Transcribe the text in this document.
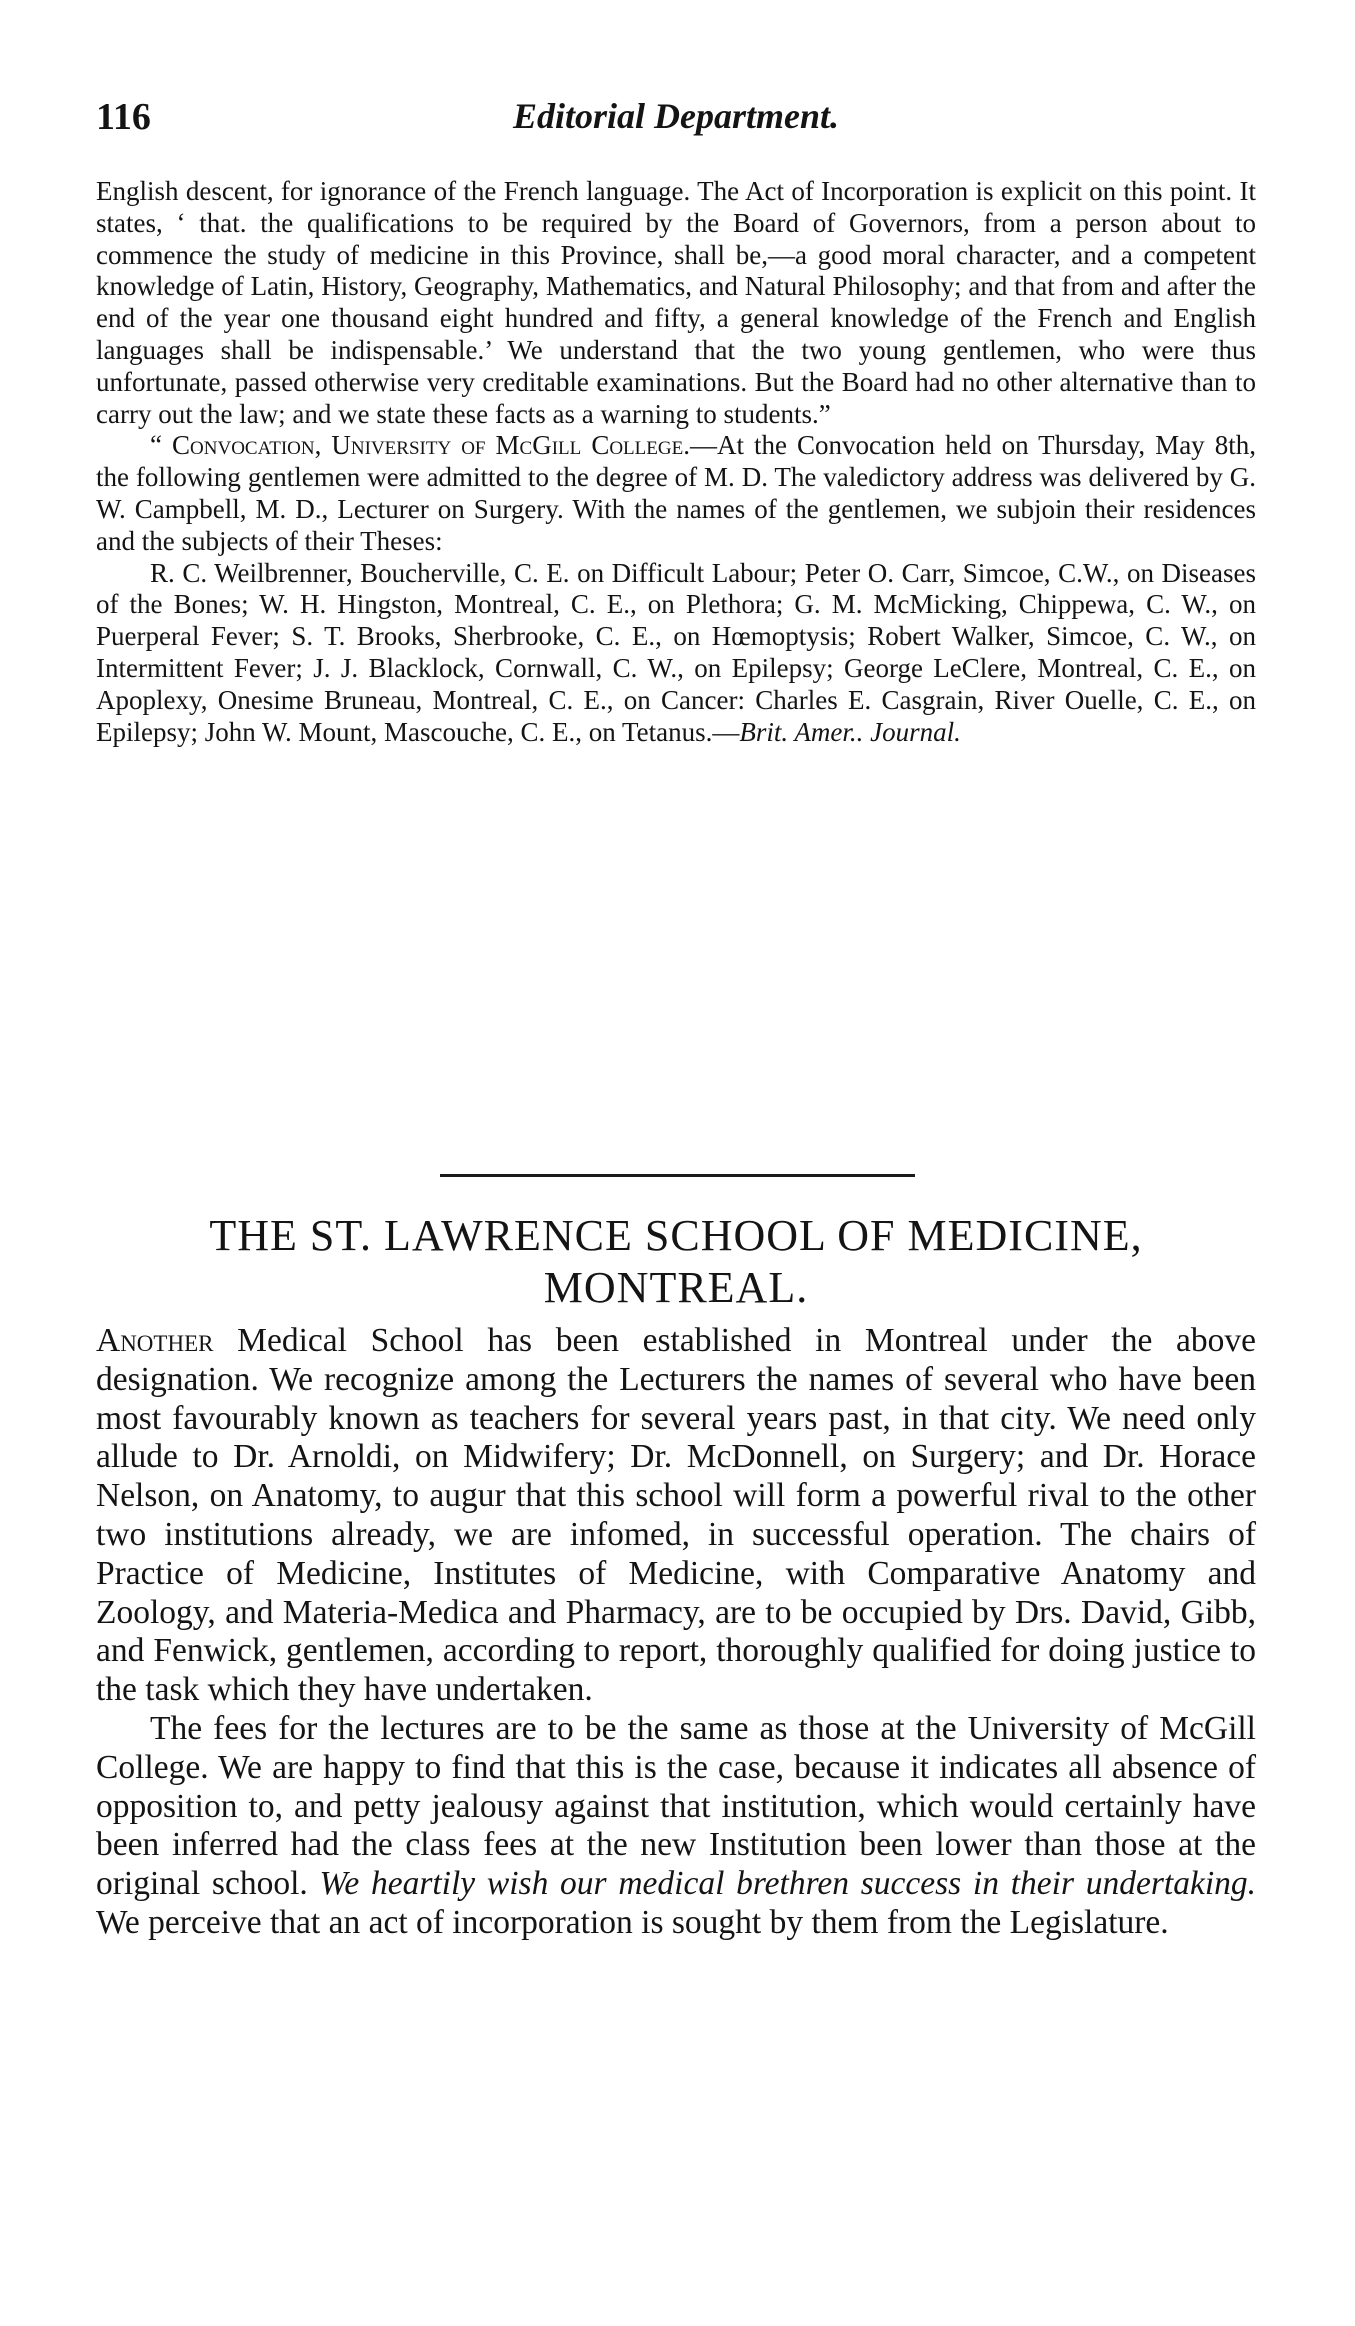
116	Editorial Department.

English descent, for ignorance of the French language. The Act of Incorporation is explicit on this point. It states, ‘ that. the qualifications to be required by the Board of Governors, from a person about to commence the study of medicine in this Province, shall be,—a good moral character, and a competent knowledge of Latin, History, Geography, Mathematics, and Natural Philosophy; and that from and after the end of the year one thousand eight hundred and fifty, a general knowledge of the French and English languages shall be indispensable.’ We understand that the two young gentlemen, who were thus unfortunate, passed otherwise very creditable examinations. But the Board had no other alternative than to carry out the law; and we state these facts as a warning to students.”

“ Convocation, University of McGill College.—At the Convocation held on Thursday, May 8th, the following gentlemen were admitted to the degree of M. D. The valedictory address was delivered by G. W. Campbell, M. D., Lecturer on Surgery. With the names of the gentlemen, we subjoin their residences and the subjects of their Theses:

R. C. Weilbrenner, Boucherville, C. E. on Difficult Labour; Peter O. Carr, Simcoe, C.W., on Diseases of the Bones; W. H. Hingston, Montreal, C. E., on Plethora; G. M. McMicking, Chippewa, C. W., on Puerperal Fever; S. T. Brooks, Sherbrooke, C. E., on Hœmoptysis; Robert Walker, Simcoe, C. W., on Intermittent Fever; J. J. Blacklock, Cornwall, C. W., on Epilepsy; George LeClere, Montreal, C. E., on Apoplexy, Onesime Bruneau, Montreal, C. E., on Cancer: Charles E. Casgrain, River Ouelle, C. E., on Epilepsy; John W. Mount, Mascouche, C. E., on Tetanus.—Brit. Amer.. Journal.

THE ST. LAWRENCE SCHOOL OF MEDICINE,
MONTREAL.

Another Medical School has been established in Montreal under the above designation. We recognize among the Lecturers the names of several who have been most favourably known as teachers for several years past, in that city. We need only allude to Dr. Arnoldi, on Midwifery; Dr. McDonnell, on Surgery; and Dr. Horace Nelson, on Anatomy, to augur that this school will form a powerful rival to the other two institutions already, we are infomed, in successful operation. The chairs of Practice of Medicine, Institutes of Medicine, with Comparative Anatomy and Zoology, and Materia-Medica and Pharmacy, are to be occupied by Drs. David, Gibb, and Fenwick, gentlemen, according to report, thoroughly qualified for doing justice to the task which they have undertaken.

The fees for the lectures are to be the same as those at the University of McGill College. We are happy to find that this is the case, because it indicates all absence of opposition to, and petty jealousy against that institution, which would certainly have been inferred had the class fees at the new Institution been lower than those at the original school. We heartily wish our medical brethren success in their undertaking. We perceive that an act of incorporation is sought by them from the Legislature.
